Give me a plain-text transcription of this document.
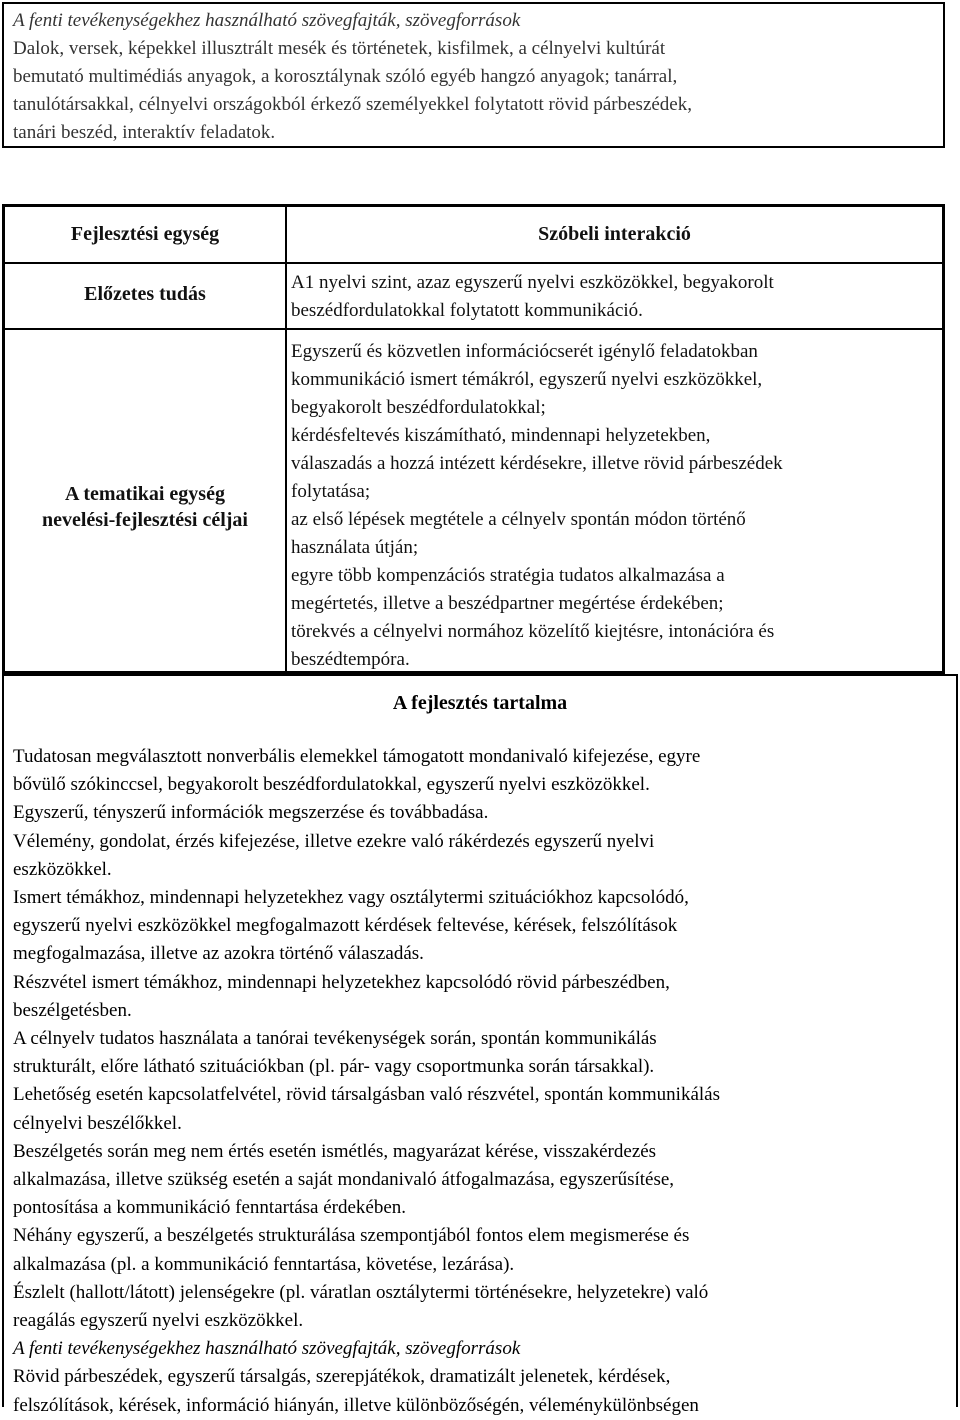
A fenti tevékenységekhez használható szövegfajták, szövegforrások
Dalok, versek, képekkel illusztrált mesék és történetek, kisfilmek, a célnyelvi kultúrát
bemutató multimédiás anyagok, a korosztálynak szóló egyéb hangzó anyagok; tanárral,
tanulótársakkal, célnyelvi országokból érkező személyekkel folytatott rövid párbeszédek,
tanári beszéd, interaktív feladatok.
Fejlesztési egység	Szóbeli interakció
Előzetes tudás
A1 nyelvi szint, azaz egyszerű nyelvi eszközökkel, begyakorolt
beszédfordulatokkal folytatott kommunikáció.
A tematikai egység
nevelési-fejlesztési céljai
Egyszerű és közvetlen információcserét igénylő feladatokban
kommunikáció ismert témákról, egyszerű nyelvi eszközökkel,
begyakorolt beszédfordulatokkal;
kérdésfeltevés kiszámítható, mindennapi helyzetekben,
válaszadás a hozzá intézett kérdésekre, illetve rövid párbeszédek
folytatása;
az első lépések megtétele a célnyelv spontán módon történő
használata útján;
egyre több kompenzációs stratégia tudatos alkalmazása a
megértetés, illetve a beszédpartner megértése érdekében;
törekvés a célnyelvi normához közelítő kiejtésre, intonációra és
beszédtempóra.
A fejlesztés tartalma
Tudatosan megválasztott nonverbális elemekkel támogatott mondanivaló kifejezése, egyre
bővülő szókinccsel, begyakorolt beszédfordulatokkal, egyszerű nyelvi eszközökkel.
Egyszerű, tényszerű információk megszerzése és továbbadása.
Vélemény, gondolat, érzés kifejezése, illetve ezekre való rákérdezés egyszerű nyelvi
eszközökkel.
Ismert témákhoz, mindennapi helyzetekhez vagy osztálytermi szituációkhoz kapcsolódó,
egyszerű nyelvi eszközökkel megfogalmazott kérdések feltevése, kérések, felszólítások
megfogalmazása, illetve az azokra történő válaszadás.
Részvétel ismert témákhoz, mindennapi helyzetekhez kapcsolódó rövid párbeszédben,
beszélgetésben.
A célnyelv tudatos használata a tanórai tevékenységek során, spontán kommunikálás
strukturált, előre látható szituációkban (pl. pár- vagy csoportmunka során társakkal).
Lehetőség esetén kapcsolatfelvétel, rövid társalgásban való részvétel, spontán kommunikálás
célnyelvi beszélőkkel.
Beszélgetés során meg nem értés esetén ismétlés, magyarázat kérése, visszakérdezés
alkalmazása, illetve szükség esetén a saját mondanivaló átfogalmazása, egyszerűsítése,
pontosítása a kommunikáció fenntartása érdekében.
Néhány egyszerű, a beszélgetés strukturálása szempontjából fontos elem megismerése és
alkalmazása (pl. a kommunikáció fenntartása, követése, lezárása).
Észlelt (hallott/látott) jelenségekre (pl. váratlan osztálytermi történésekre, helyzetekre) való
reagálás egyszerű nyelvi eszközökkel.
A fenti tevékenységekhez használható szövegfajták, szövegforrások
Rövid párbeszédek, egyszerű társalgás, szerepjátékok, dramatizált jelenetek, kérdések,
felszólítások, kérések, információ hiányán, illetve különbözőségén, véleménykülönbségen
